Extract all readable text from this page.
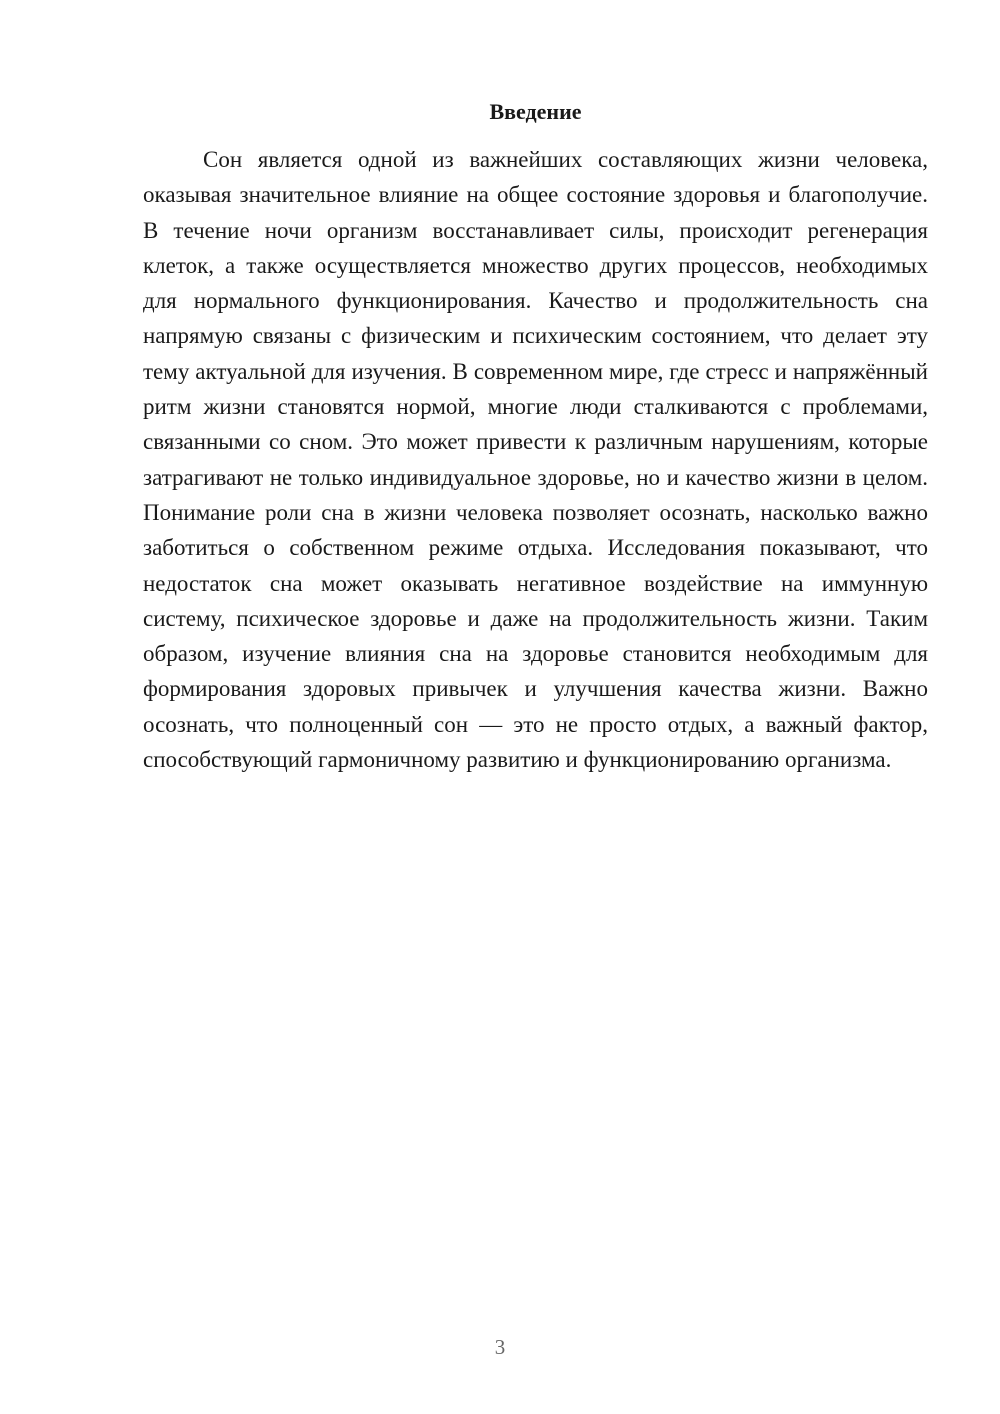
Введение

Сон является одной из важнейших составляющих жизни человека, оказывая значительное влияние на общее состояние здоровья и благополучие. В течение ночи организм восстанавливает силы, происходит регенерация клеток, а также осуществляется множество других процессов, необходимых для нормального функционирования. Качество и продолжительность сна напрямую связаны с физическим и психическим состоянием, что делает эту тему актуальной для изучения. В современном мире, где стресс и напряжённый ритм жизни становятся нормой, многие люди сталкиваются с проблемами, связанными со сном. Это может привести к различным нарушениям, которые затрагивают не только индивидуальное здоровье, но и качество жизни в целом. Понимание роли сна в жизни человека позволяет осознать, насколько важно заботиться о собственном режиме отдыха. Исследования показывают, что недостаток сна может оказывать негативное воздействие на иммунную систему, психическое здоровье и даже на продолжительность жизни. Таким образом, изучение влияния сна на здоровье становится необходимым для формирования здоровых привычек и улучшения качества жизни. Важно осознать, что полноценный сон — это не просто отдых, а важный фактор, способствующий гармоничному развитию и функционированию организма.

3
